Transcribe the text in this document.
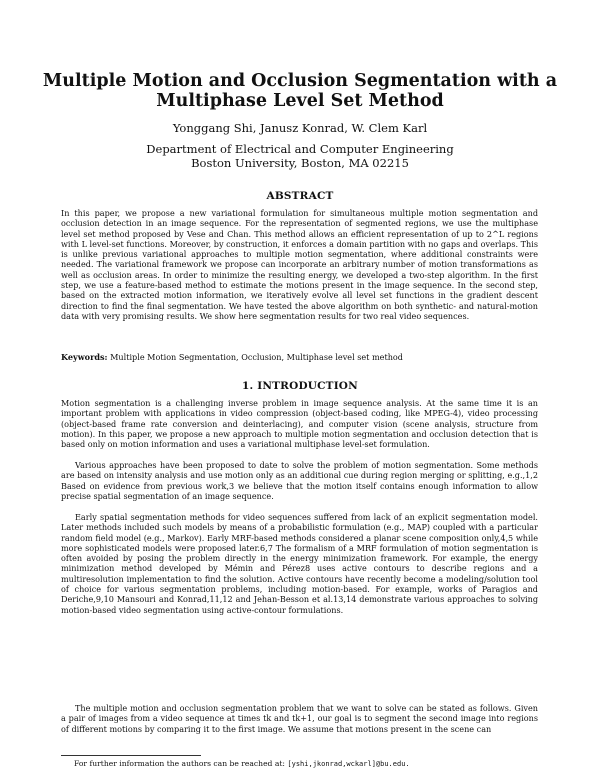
Multiple Motion and Occlusion Segmentation with a
Multiphase Level Set Method
Yonggang Shi, Janusz Konrad, W. Clem Karl
Department of Electrical and Computer Engineering
Boston University, Boston, MA 02215
ABSTRACT
In this paper, we propose a new variational formulation for simultaneous multiple motion segmentation and occlusion detection in an image sequence. For the representation of segmented regions, we use the multiphase level set method proposed by Vese and Chan. This method allows an efficient representation of up to 2^L regions with L level-set functions. Moreover, by construction, it enforces a domain partition with no gaps and overlaps. This is unlike previous variational approaches to multiple motion segmentation, where additional constraints were needed. The variational framework we propose can incorporate an arbitrary number of motion transformations as well as occlusion areas. In order to minimize the resulting energy, we developed a two-step algorithm. In the first step, we use a feature-based method to estimate the motions present in the image sequence. In the second step, based on the extracted motion information, we iteratively evolve all level set functions in the gradient descent direction to find the final segmentation. We have tested the above algorithm on both synthetic- and natural-motion data with very promising results. We show here segmentation results for two real video sequences.
Keywords: Multiple Motion Segmentation, Occlusion, Multiphase level set method
1. INTRODUCTION
Motion segmentation is a challenging inverse problem in image sequence analysis. At the same time it is an important problem with applications in video compression (object-based coding, like MPEG-4), video processing (object-based frame rate conversion and deinterlacing), and computer vision (scene analysis, structure from motion). In this paper, we propose a new approach to multiple motion segmentation and occlusion detection that is based only on motion information and uses a variational multiphase level-set formulation.
Various approaches have been proposed to date to solve the problem of motion segmentation. Some methods are based on intensity analysis and use motion only as an additional cue during region merging or splitting, e.g.,1,2 Based on evidence from previous work,3 we believe that the motion itself contains enough information to allow precise spatial segmentation of an image sequence.
Early spatial segmentation methods for video sequences suffered from lack of an explicit segmentation model. Later methods included such models by means of a probabilistic formulation (e.g., MAP) coupled with a particular random field model (e.g., Markov). Early MRF-based methods considered a planar scene composition only,4,5 while more sophisticated models were proposed later.6,7 The formalism of a MRF formulation of motion segmentation is often avoided by posing the problem directly in the energy minimization framework. For example, the energy minimization method developed by Mémin and Pérez8 uses active contours to describe regions and a multiresolution implementation to find the solution. Active contours have recently become a modeling/solution tool of choice for various segmentation problems, including motion-based. For example, works of Paragios and Deriche,9,10 Mansouri and Konrad,11,12 and Jehan-Besson et al.13,14 demonstrate various approaches to solving motion-based video segmentation using active-contour formulations.
The multiple motion and occlusion segmentation problem that we want to solve can be stated as follows. Given a pair of images from a video sequence at times tk and tk+1, our goal is to segment the second image into regions of different motions by comparing it to the first image. We assume that motions present in the scene can
For further information the authors can be reached at: [yshi,jkonrad,wckarl]@bu.edu.
